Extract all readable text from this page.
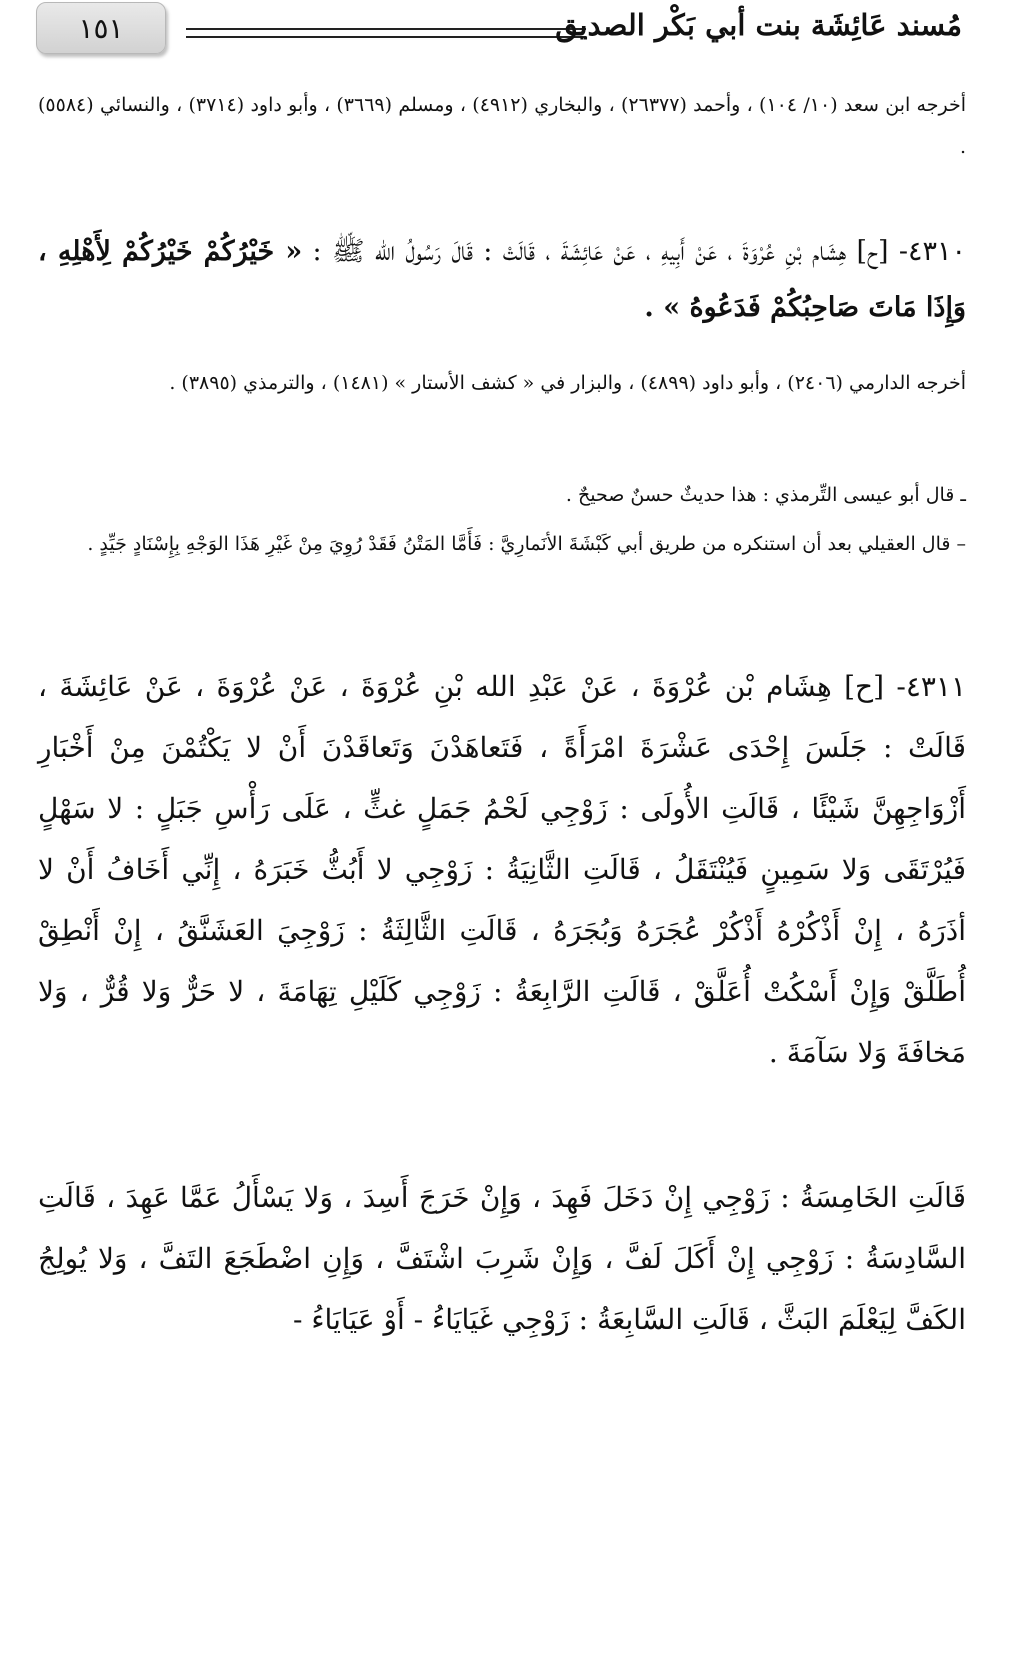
١٥١	مُسند عَائِشَة بنت أبي بَكْر الصديق

أخرجه ابن سعد (١٠/ ١٠٤) ، وأحمد (٢٦٣٧٧) ، والبخاري (٤٩١٢) ، ومسلم (٣٦٦٩) ، وأبو داود (٣٧١٤) ، والنسائي (٥٥٨٤) .

٤٣١٠- [ح] هِشَام بْنِ عُرْوَةَ ، عَنْ أَبِيهِ ، عَنْ عَائِشَةَ ، قَالَتْ : قَالَ رَسُولُ الله ﷺ : « خَيْرُكُمْ خَيْرُكُمْ لِأَهْلِهِ ، وَإِذَا مَاتَ صَاحِبُكُمْ فَدَعُوهُ » .

أخرجه الدارمي (٢٤٠٦) ، وأبو داود (٤٨٩٩) ، والبزار في « كشف الأستار » (١٤٨١) ، والترمذي (٣٨٩٥) .

ـ قال أبو عيسى التِّرمذي : هذا حديثٌ حسنٌ صحيحٌ .

– قال العقيلي بعد أن استنكره من طريق أبي كَبْشَةَ الأنَمارِيَّ : فَأَمَّا المَتْنُ فَقَدْ رُوِيَ مِنْ غَيْرِ هَذَا الوَجْهِ بِإِسْنَادٍ جَيِّدٍ .

٤٣١١- [ح] هِشَام بْن عُرْوَةَ ، عَنْ عَبْدِ الله بْنِ عُرْوَةَ ، عَنْ عُرْوَةَ ، عَنْ عَائِشَةَ ، قَالَتْ : جَلَسَ إِحْدَى عَشْرَةَ امْرَأَةً ، فَتَعاهَدْنَ وَتَعاقَدْنَ أَنْ لا يَكْتُمْنَ مِنْ أَخْبَارِ أَزْوَاجِهِنَّ شَيْئًا ، قَالَتِ الأُولَى : زَوْجِي لَحْمُ جَمَلٍ غثٍّ ، عَلَى رَأْسِ جَبَلٍ : لا سَهْلٍ فَيُرْتَقَى وَلا سَمِينٍ فَيُنْتَقَلُ ، قَالَتِ الثَّانِيَةُ : زَوْجِي لا أَبُثُّ خَبَرَهُ ، إِنِّي أَخَافُ أَنْ لا أذَرَهُ ، إِنْ أَذْكُرْهُ أَذْكُرْ عُجَرَهُ وَبُجَرَهُ ، قَالَتِ الثَّالِثَةُ : زَوْجِيَ العَشَنَّقُ ، إِنْ أَنْطِقْ أُطَلَّقْ وَإِنْ أَسْكُتْ أُعَلَّقْ ، قَالَتِ الرَّابِعَةُ : زَوْجِي كَلَيْلِ تِهَامَةَ ، لا حَرٌّ وَلا قُرٌّ ، وَلا مَخافَةَ وَلا سَآمَةَ .

قَالَتِ الخَامِسَةُ : زَوْجِي إِنْ دَخَلَ فَهِدَ ، وَإِنْ خَرَجَ أَسِدَ ، وَلا يَسْأَلُ عَمَّا عَهِدَ ، قَالَتِ السَّادِسَةُ : زَوْجِي إِنْ أَكَلَ لَفَّ ، وَإِنْ شَرِبَ اشْتَفَّ ، وَإِنِ اضْطَجَعَ التَفَّ ، وَلا يُولِجُ الكَفَّ لِيَعْلَمَ البَثَّ ، قَالَتِ السَّابِعَةُ : زَوْجِي غَيَايَاءُ - أَوْ عَيَايَاءُ -
